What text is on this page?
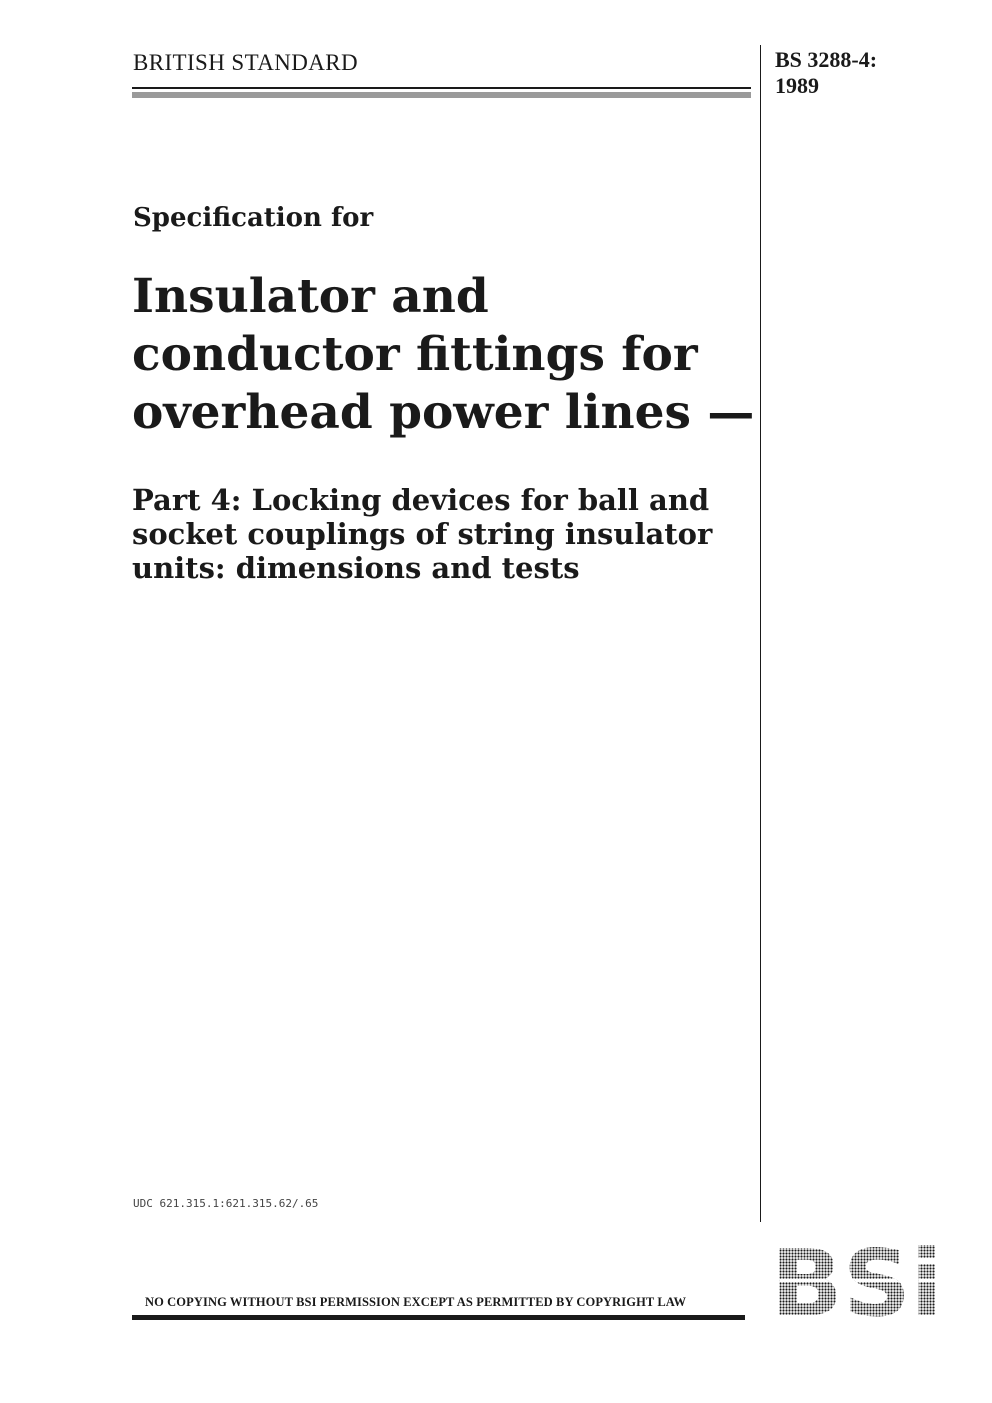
BRITISH STANDARD	BS 3288-4:
1989
Specification for
Insulator and
conductor fittings for
overhead power lines —
Part 4: Locking devices for ball and
socket couplings of string insulator
units: dimensions and tests
UDC 621.315.1:621.315.62/.65
NO COPYING WITHOUT BSI PERMISSION EXCEPT AS PERMITTED BY COPYRIGHT LAW
